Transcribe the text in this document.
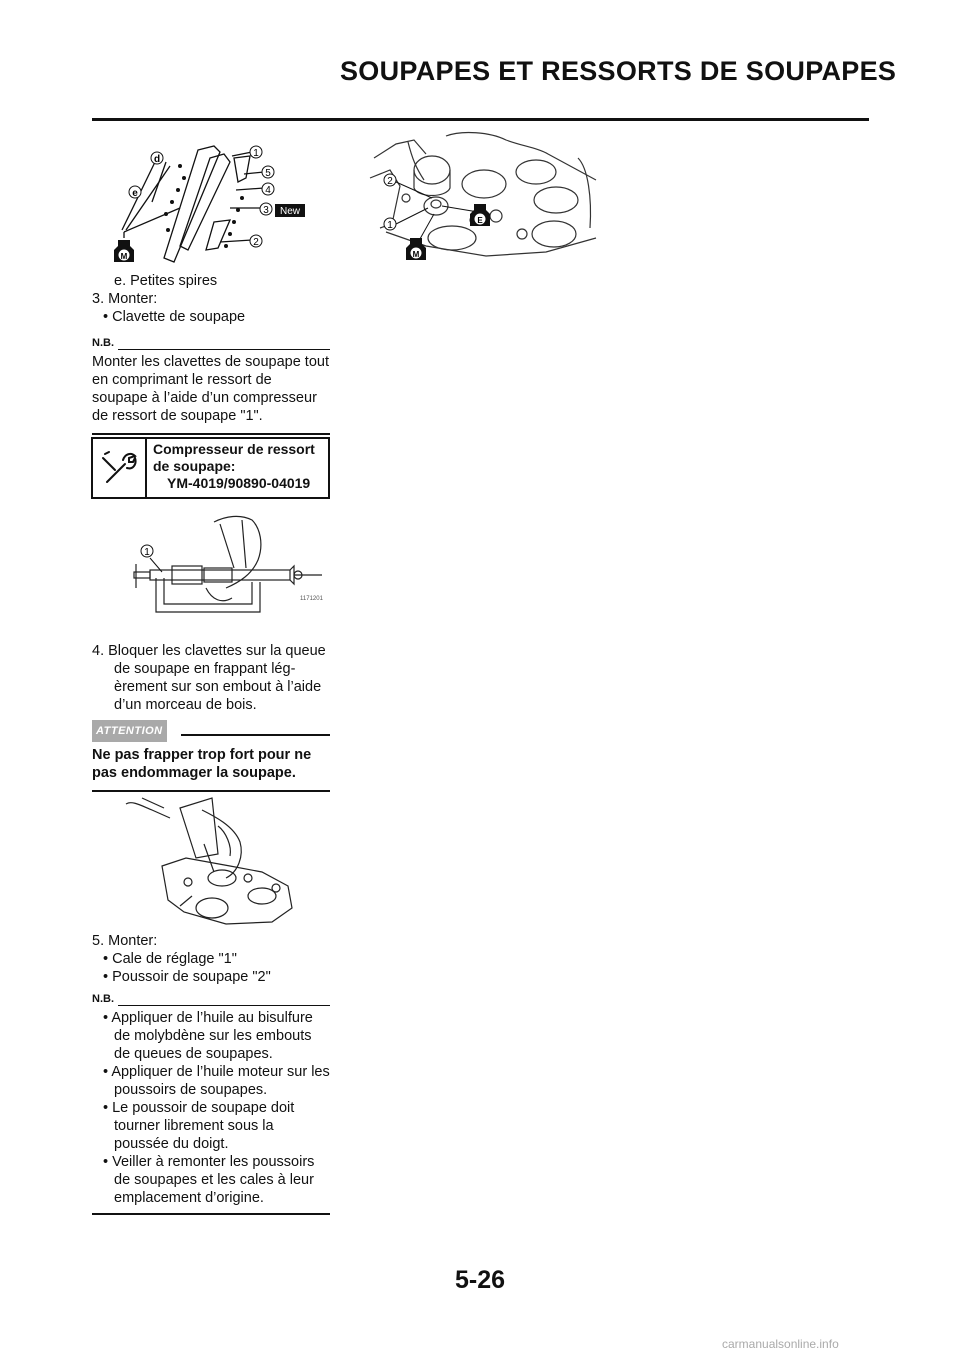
SOUPAPES ET RESSORTS DE SOUPAPES
1
5
4
3
2
d
e
New
M
2
1	E
M
e. Petites spires
3. Monter:
• Clavette de soupape
N.B.
Monter les clavettes de soupape tout en comprimant le ressort de soupape à l’aide d’un compresseur de ressort de soupape "1".
Compresseur de ressort
de soupape:
YM-4019/90890-04019
1
1171201
4. Bloquer les clavettes sur la queue de soupape en frappant légèrement sur son embout à l’aide d’un morceau de bois.
ATTENTION
Ne pas frapper trop fort pour ne pas endommager la soupape.
5. Monter:
• Cale de réglage "1"
• Poussoir de soupape "2"
N.B.
• Appliquer de l’huile au bisulfure de molybdène sur les embouts de queues de soupapes.
• Appliquer de l’huile moteur sur les poussoirs de soupapes.
• Le poussoir de soupape doit tourner librement sous la poussée du doigt.
• Veiller à remonter les poussoirs de soupapes et les cales à leur emplacement d’origine.
5-26
carmanualsonline.info
